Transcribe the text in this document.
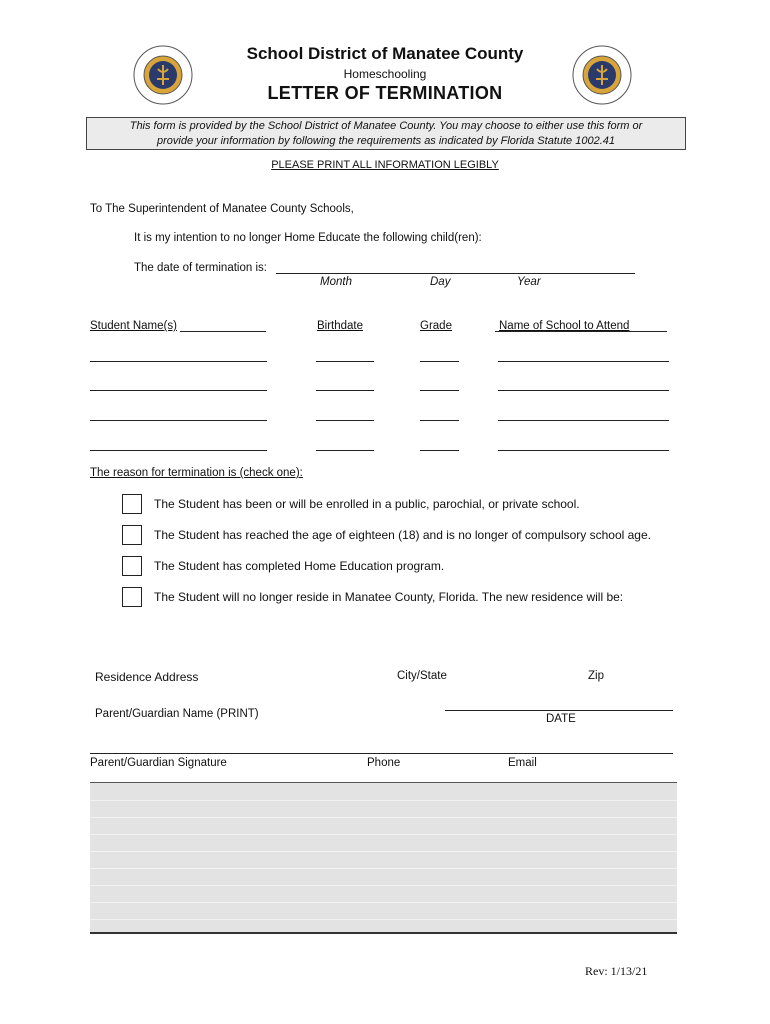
School District of Manatee County
Homeschooling
LETTER OF TERMINATION
This form is provided by the School District of Manatee County. You may choose to either use this form or
provide your information by following the requirements as indicated by Florida Statute 1002.41
PLEASE PRINT ALL INFORMATION LEGIBLY
To The Superintendent of Manatee County Schools,
It is my intention to no longer Home Educate the following child(ren):
The date of termination is:
Month	Day	Year
Student Name(s)	Birthdate	Grade	Name of School to Attend
The reason for termination is (check one):
The Student has been or will be enrolled in a public, parochial, or private school.
The Student has reached the age of eighteen (18) and is no longer of compulsory school age.
The Student has completed Home Education program.
The Student will no longer reside in Manatee County, Florida. The new residence will be:
Residence Address	City/State	Zip
Parent/Guardian Name (PRINT)	DATE
Parent/Guardian Signature	Phone	Email
Rev: 1/13/21
